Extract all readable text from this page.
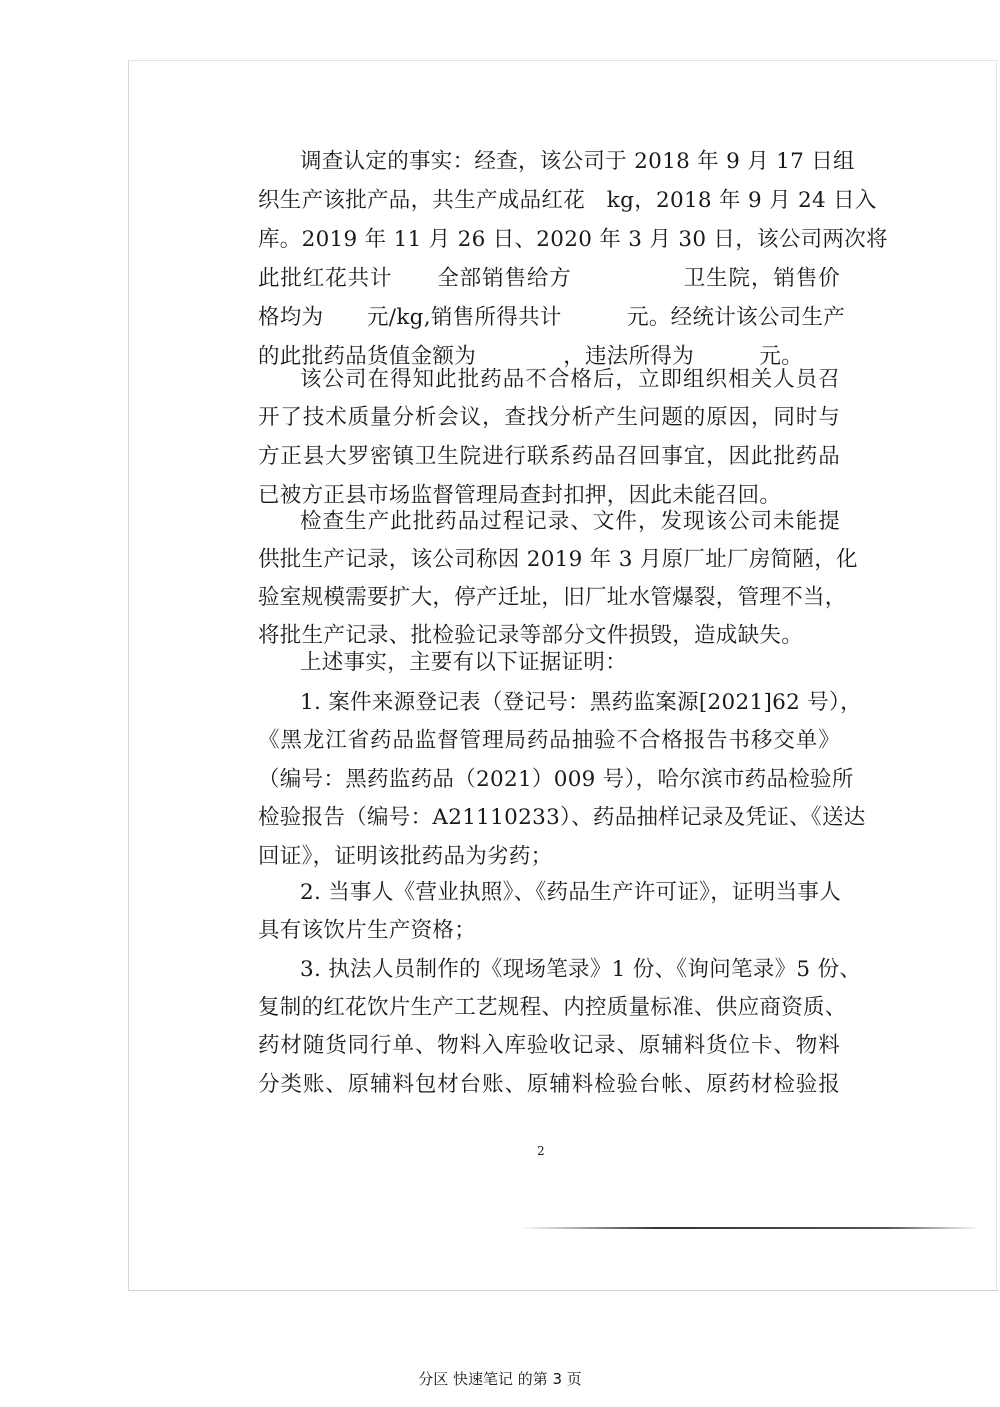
调查认定的事实：经查，该公司于 2018 年 9 月 17 日组
织生产该批产品，共生产成品红花　kg，2018 年 9 月 24 日入
库。2019 年 11 月 26 日、2020 年 3 月 30 日，该公司两次将
此批红花共计　　全部销售给方　　　　　卫生院，销售价
格均为　　元/kg,销售所得共计　　　元。经统计该公司生产
的此批药品货值金额为　　　　，违法所得为　　　元。
该公司在得知此批药品不合格后，立即组织相关人员召
开了技术质量分析会议，查找分析产生问题的原因，同时与
方正县大罗密镇卫生院进行联系药品召回事宜，因此批药品
已被方正县市场监督管理局查封扣押，因此未能召回。
检查生产此批药品过程记录、文件，发现该公司未能提
供批生产记录，该公司称因 2019 年 3 月原厂址厂房简陋，化
验室规模需要扩大，停产迁址，旧厂址水管爆裂，管理不当，
将批生产记录、批检验记录等部分文件损毁，造成缺失。
上述事实，主要有以下证据证明：
1. 案件来源登记表（登记号：黑药监案源[2021]62 号），
《黑龙江省药品监督管理局药品抽验不合格报告书移交单》
（编号：黑药监药品（2021）009 号），哈尔滨市药品检验所
检验报告（编号：A21110233）、药品抽样记录及凭证、《送达
回证》，证明该批药品为劣药；
2. 当事人《营业执照》、《药品生产许可证》，证明当事人
具有该饮片生产资格；
3. 执法人员制作的《现场笔录》1 份、《询问笔录》5 份、
复制的红花饮片生产工艺规程、内控质量标准、供应商资质、
药材随货同行单、物料入库验收记录、原辅料货位卡、物料
分类账、原辅料包材台账、原辅料检验台帐、原药材检验报
2
分区 快速笔记 的第 3 页
